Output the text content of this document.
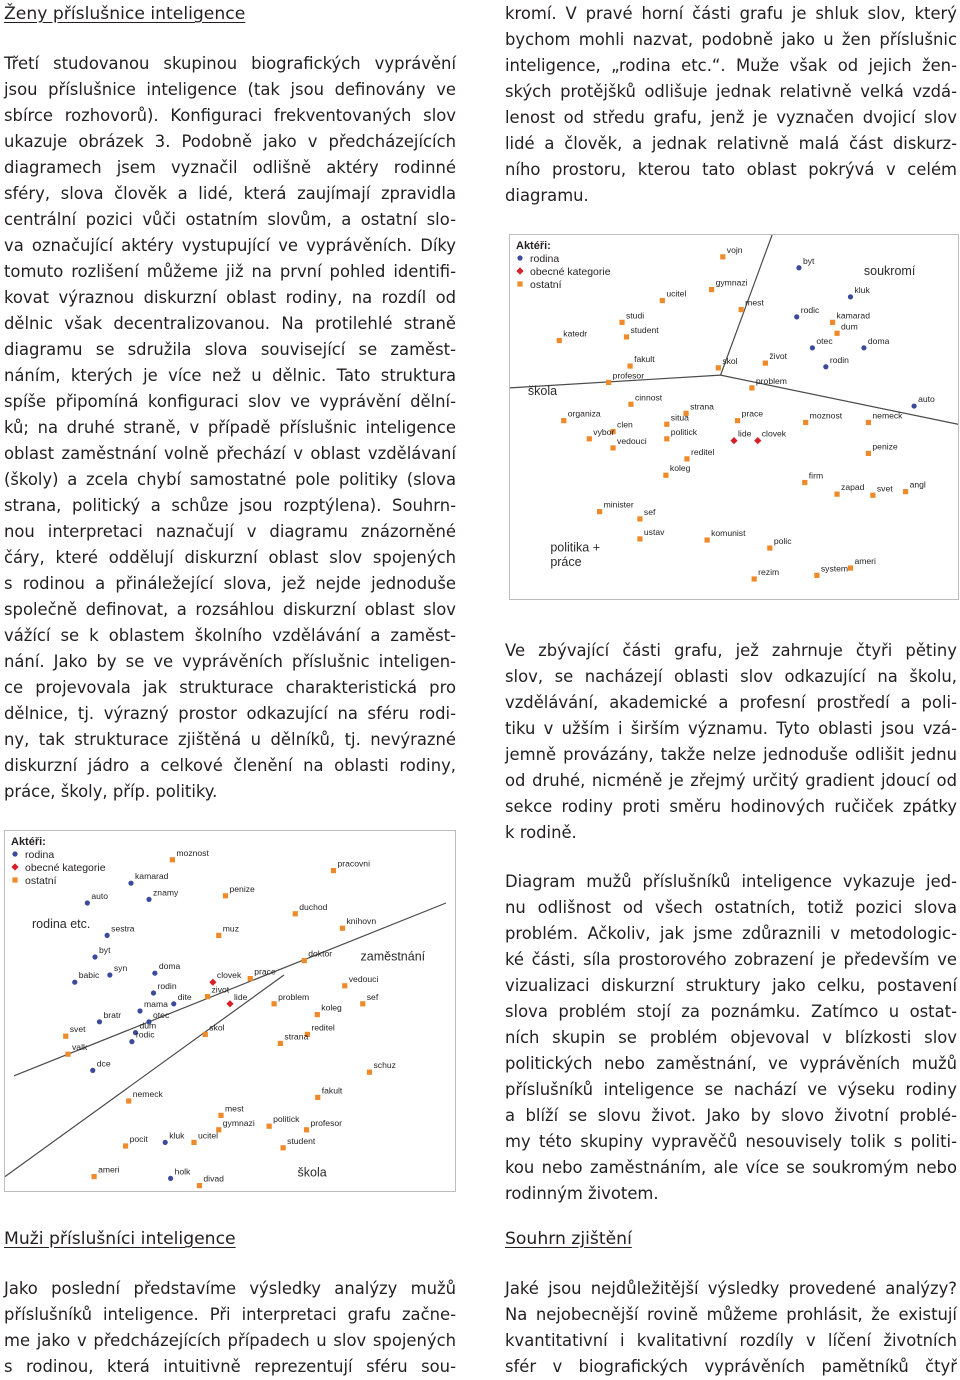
Ženy příslušnice inteligence
Třetí studovanou skupinou biografických vyprávění
jsou příslušnice inteligence (tak jsou definovány ve
sbírce rozhovorů). Konfiguraci frekventovaných slov
ukazuje obrázek 3. Podobně jako v předcházejících
diagramech jsem vyznačil odlišně aktéry rodinné
sféry, slova člověk a lidé, která zaujímají zpravidla
centrální pozici vůči ostatním slovům, a ostatní slo-
va označující aktéry vystupující ve vyprávěních. Díky
tomuto rozlišení můžeme již na první pohled identifi-
kovat výraznou diskurzní oblast rodiny, na rozdíl od
dělnic však decentralizovanou. Na protilehlé straně
diagramu se sdružila slova související se zaměst-
náním, kterých je více než u dělnic. Tato struktura
spíše připomíná konfiguraci slov ve vyprávění dělní-
ků; na druhé straně, v případě příslušnic inteligence
oblast zaměstnání volně přechází v oblast vzdělávaní
(školy) a zcela chybí samostatné pole politiky (slova
strana, politický a schůze jsou rozptýlena). Souhrn-
nou interpretaci naznačují v diagramu znázorněné
čáry, které oddělují diskurzní oblast slov spojených
s rodinou a přináležející slova, jež nejde jednoduše
společně definovat, a rozsáhlou diskurzní oblast slov
vážící se k oblastem školního vzdělávání a zaměst-
nání. Jako by se ve vyprávěních příslušnic inteligen-
ce projevovala jak strukturace charakteristická pro
dělnice, tj. výrazný prostor odkazující na sféru rodi-
ny, tak strukturace zjištěná u dělníků, tj. nevýrazné
diskurzní jádro a celkové členění na oblasti rodiny,
práce, školy, příp. politiky.
Aktéři:
rodina
obecné kategorie
ostatní
rodina etc.
zaměstnání
škola
moznost
pracovni
kamarad
auto	znamy	penize
duchod
knihovn
sestra	muz
byt	doktor
syn	doma
babic	clovek	vedouci
prace
rodin	zivot
lide	problem	sef
mama
dite
bratr	otec
koleg
svet	dum
rodic
skol	reditel
strana
valk
dce	schuz
nemeck	fakult
mest
gymnazi politick profesor
pocit kluk ucitel
student
ameri	holk
divad
Muži příslušníci inteligence
Jako poslední představíme výsledky analýzy mužů
příslušníků inteligence. Při interpretaci grafu začne-
me jako v předcházejících případech u slov spojených
s rodinou, která intuitivně reprezentují sféru sou-
kromí. V pravé horní části grafu je shluk slov, který
bychom mohli nazvat, podobně jako u žen příslušnic
inteligence, „rodina etc.“. Muže však od jejich žen-
ských protějšků odlišuje jednak relativně velká vzdá-
lenost od středu grafu, jenž je vyznačen dvojicí slov
lidé a člověk, a jednak relativně malá část diskurz-
ního prostoru, kterou tato oblast pokrývá v celém
diagramu.
Aktéři:
rodina
obecné kategorie
ostatní
soukromí
škola
politika +
práce
vojn
gymnazi
byt
kluk
ucitel
studi
mest
rodic
kamarad
dum
student
katedr
otec	doma
fakult	skol	život	rodin
profesor
problem
cinnost
strana
organiza	situa	prace	moznost	nemeck
auto
clen
vybor	politick	lide clovek
vedouci
reditel
penize
koleg
firm
zapad svet angl
minister
sef
ustav	komunist
polic
ameri
system
rezim
Ve zbývající části grafu, jež zahrnuje čtyři pětiny
slov, se nacházejí oblasti slov odkazující na školu,
vzdělávání, akademické a profesní prostředí a poli-
tiku v užším i širším významu. Tyto oblasti jsou vzá-
jemně provázány, takže nelze jednoduše odlišit jednu
od druhé, nicméně je zřejmý určitý gradient jdoucí od
sekce rodiny proti směru hodinových ručiček zpátky
k rodině.
Diagram mužů příslušníků inteligence vykazuje jed-
nu odlišnost od všech ostatních, totiž pozici slova
problém. Ačkoliv, jak jsme zdůraznili v metodologic-
ké části, síla prostorového zobrazení je především ve
vizualizaci diskurzní struktury jako celku, postavení
slova problém stojí za poznámku. Zatímco u ostat-
ních skupin se problém objevoval v blízkosti slov
politických nebo zaměstnání, ve vyprávěních mužů
příslušníků inteligence se nachází ve výseku rodiny
a blíží se slovu život. Jako by slovo životní problé-
my této skupiny vypravěčů nesouvisely tolik s politi-
kou nebo zaměstnáním, ale více se soukromým nebo
rodinným životem.
Souhrn zjištění
Jaké jsou nejdůležitější výsledky provedené analýzy?
Na nejobecnější rovině můžeme prohlásit, že existují
kvantitativní i kvalitativní rozdíly v líčení životních
sfér v biografických vyprávěních pamětníků čtyř
